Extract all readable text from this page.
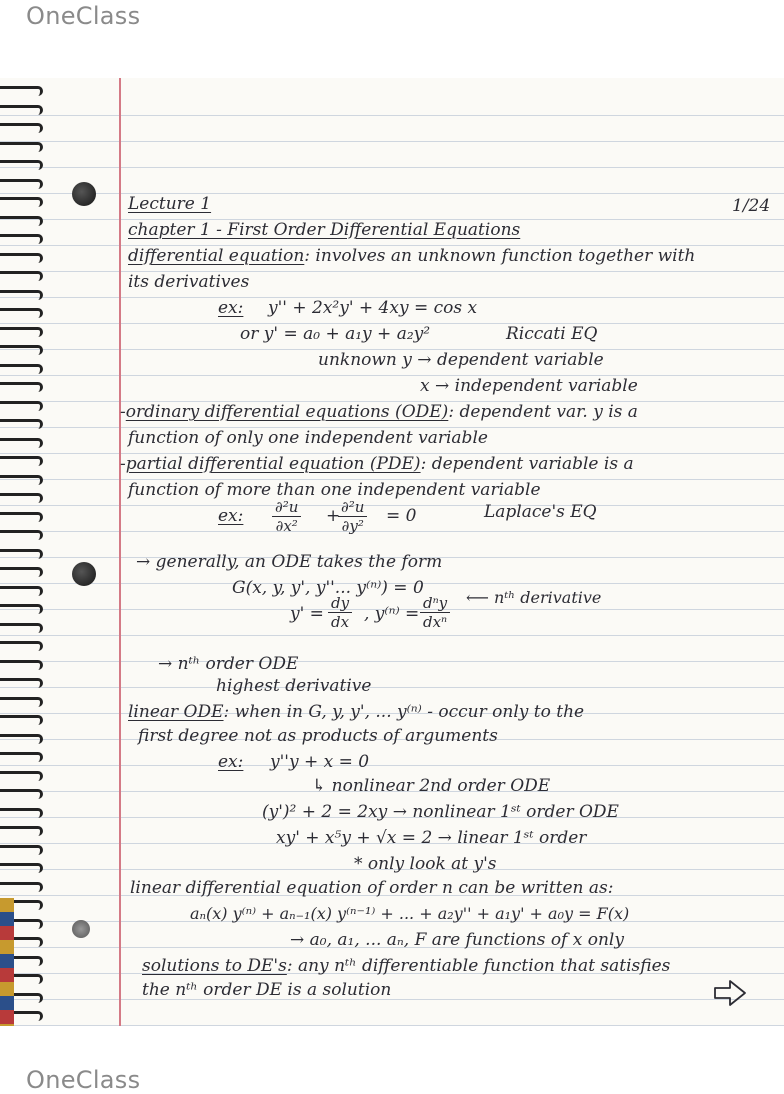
OneClass
Lecture 1	1/24
chapter 1 - First Order Differential Equations
differential equation: involves an unknown function together with
its derivatives
ex: y'' + 2x²y' + 4xy = cos x
or y' = a₀ + a₁y + a₂y²	Riccati EQ
unknown y → dependent variable
x → independent variable
-ordinary differential equations (ODE): dependent var. y is a
function of only one independent variable
-partial differential equation (PDE): dependent variable is a
function of more than one independent variable
ex: $\frac{\text{∂²u}}{\text{∂x²}}$ +
$\frac{\text{∂²u}}{\text{∂y²}} = 0$	Laplace's EQ
→ generally, an ODE takes the form
G(x, y, y', y''... y⁽ⁿ⁾) = 0
$y' = \frac{dy}{dx}$ , y⁽ⁿ⁾ =
dⁿy
dxⁿ
⟵ nᵗʰ derivative
→ nᵗʰ order ODE
highest derivative
linear ODE: when in G, y, y', ... y⁽ⁿ⁾ - occur only to the
first degree not as products of arguments
ex: y''y + x = 0
↳ nonlinear 2nd order ODE
(y')² + 2 = 2xy → nonlinear 1ˢᵗ order ODE
xy' + x⁵y + √x = 2 → linear 1ˢᵗ order
* only look at y's
linear differential equation of order n can be written as:
aₙ(x) y⁽ⁿ⁾ + aₙ₋₁(x) y⁽ⁿ⁻¹⁾ + ... + a₂y'' + a₁y' + a₀y = F(x)
→ a₀, a₁, ... aₙ, F are functions of x only
solutions to DE's: any nᵗʰ differentiable function that satisfies
the nᵗʰ order DE is a solution
OneClass
